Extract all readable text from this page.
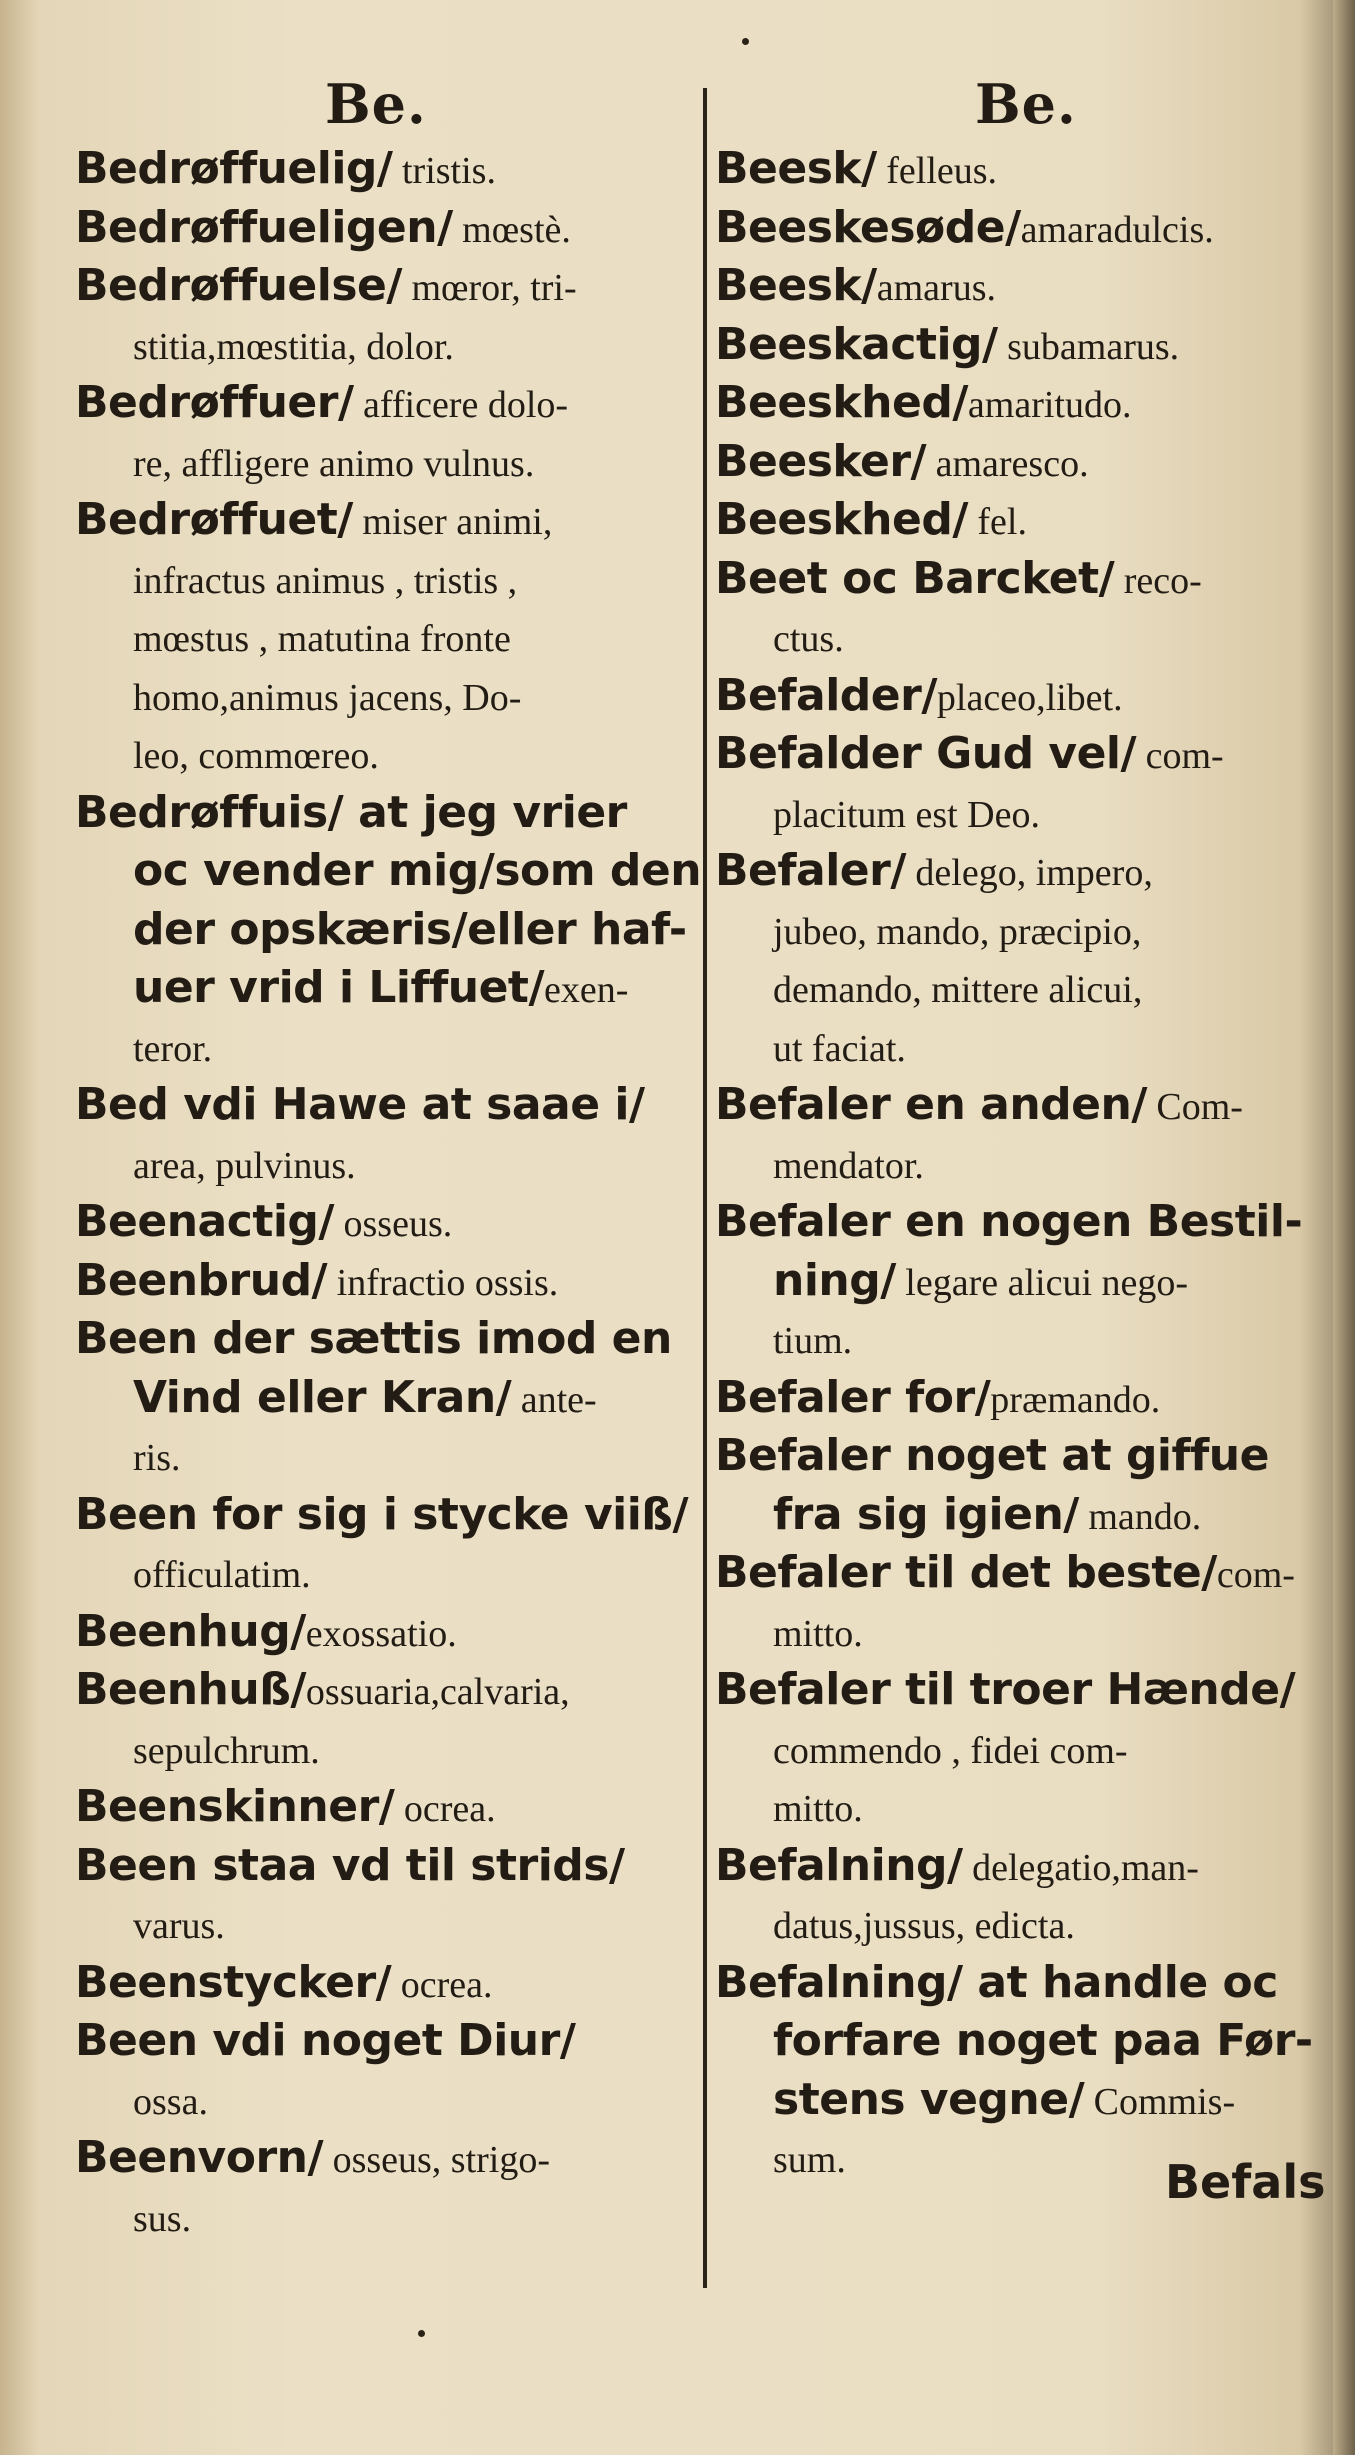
Be.
Bedrøffuelig/ tristis.
Bedrøffueligen/ mœstè.
Bedrøffuelse/ mœror, tri-
stitia,mœstitia, dolor.
Bedrøffuer/ afficere dolo-
re, affligere animo vulnus.
Bedrøffuet/ miser animi,
infractus animus , tristis ,
mœstus , matutina fronte
homo,animus jacens, Do-
leo, commœreo.
Bedrøffuis/ at jeg vrier
oc vender mig/som den
der opskæris/eller haf-
uer vrid i Liffuet/exen-
teror.
Bed vdi Hawe at saae i/
area, pulvinus.
Beenactig/ osseus.
Beenbrud/ infractio ossis.
Been der sættis imod en
Vind eller Kran/ ante-
ris.
Been for sig i stycke viiß/
officulatim.
Beenhug/exossatio.
Beenhuß/ossuaria,calvaria,
sepulchrum.
Beenskinner/ ocrea.
Been staa vd til strids/
varus.
Beenstycker/ ocrea.
Been vdi noget Diur/
ossa.
Beenvorn/ osseus, strigo-
sus.
Be.
Beesk/ felleus.
Beeskesøde/amaradulcis.
Beesk/amarus.
Beeskactig/ subamarus.
Beeskhed/amaritudo.
Beesker/ amaresco.
Beeskhed/ fel.
Beet oc Barcket/ reco-
ctus.
Befalder/placeo,libet.
Befalder Gud vel/ com-
placitum est Deo.
Befaler/ delego, impero,
jubeo, mando, præcipio,
demando, mittere alicui,
ut faciat.
Befaler en anden/ Com-
mendator.
Befaler en nogen Bestil-
ning/ legare alicui nego-
tium.
Befaler for/præmando.
Befaler noget at giffue
fra sig igien/ mando.
Befaler til det beste/com-
mitto.
Befaler til troer Hænde/
commendo , fidei com-
mitto.
Befalning/ delegatio,man-
datus,jussus, edicta.
Befalning/ at handle oc
forfare noget paa Før-
stens vegne/ Commis-
sum.	Befals
